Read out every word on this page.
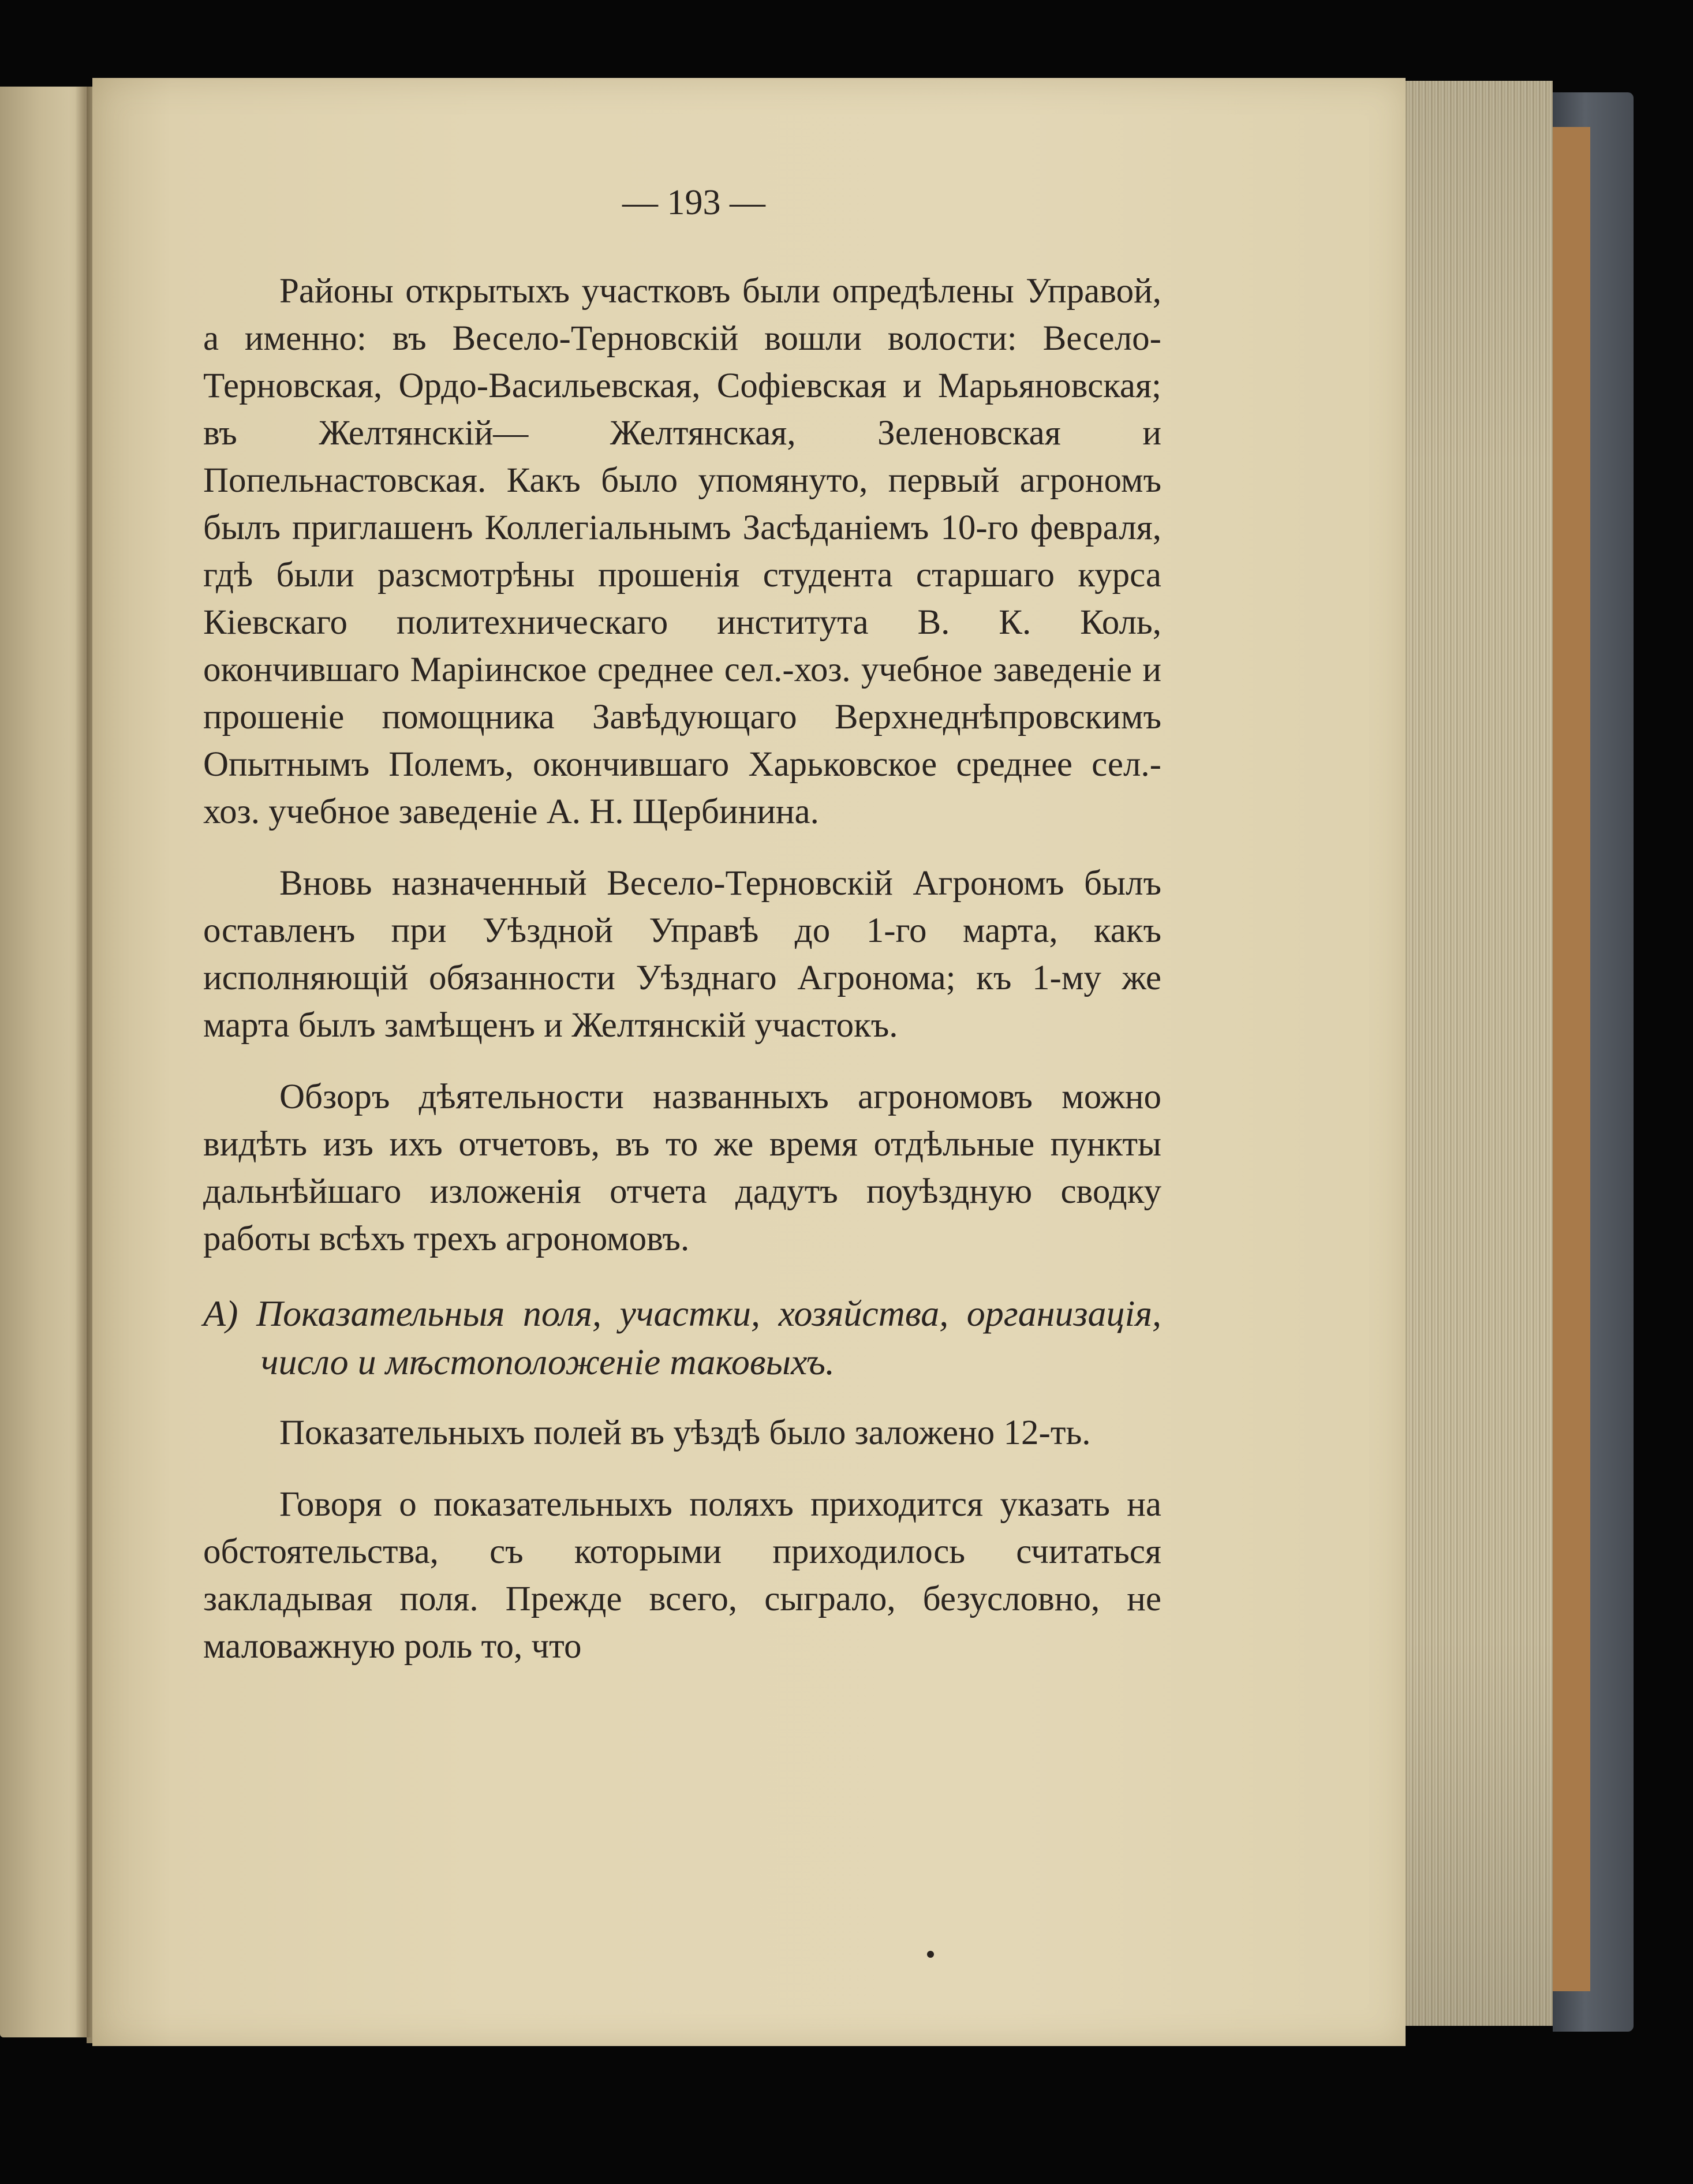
— 193 —

Районы открытыхъ участковъ были опредѣлены Управой, а именно: въ Весело-Терновскій вошли волости: Весело-Терновская, Ордо-Васильевская, Софіевская и Марьяновская; въ Желтянскій— Желтянская, Зеленовская и Попельнастовская. Какъ было упомянуто, первый агрономъ былъ приглашенъ Коллегіальнымъ Засѣданіемъ 10-го февраля, гдѣ были разсмотрѣны прошенія студента старшаго курса Кіевскаго политехническаго института В. К. Коль, окончившаго Маріинское среднее сел.-хоз. учебное заведеніе и прошеніе помощника Завѣдующаго Верхнеднѣпровскимъ Опытнымъ Полемъ, окончившаго Харьковское среднее сел.-хоз. учебное заведеніе А. Н. Щербинина.

Вновь назначенный Весело-Терновскій Агрономъ былъ оставленъ при Уѣздной Управѣ до 1-го марта, какъ исполняющій обязанности Уѣзднаго Агронома; къ 1-му же марта былъ замѣщенъ и Желтянскій участокъ.

Обзоръ дѣятельности названныхъ агрономовъ можно видѣть изъ ихъ отчетовъ, въ то же время отдѣльные пункты дальнѣйшаго изложенія отчета дадутъ поуѣздную сводку работы всѣхъ трехъ агрономовъ.

А) Показательныя поля, участки, хозяйства, организація, число и мѣстоположеніе таковыхъ.

Показательныхъ полей въ уѣздѣ было заложено 12-ть.

Говоря о показательныхъ поляхъ приходится указать на обстоятельства, съ которыми приходилось считаться закладывая поля. Прежде всего, сыграло, безусловно, не маловажную роль то, что
